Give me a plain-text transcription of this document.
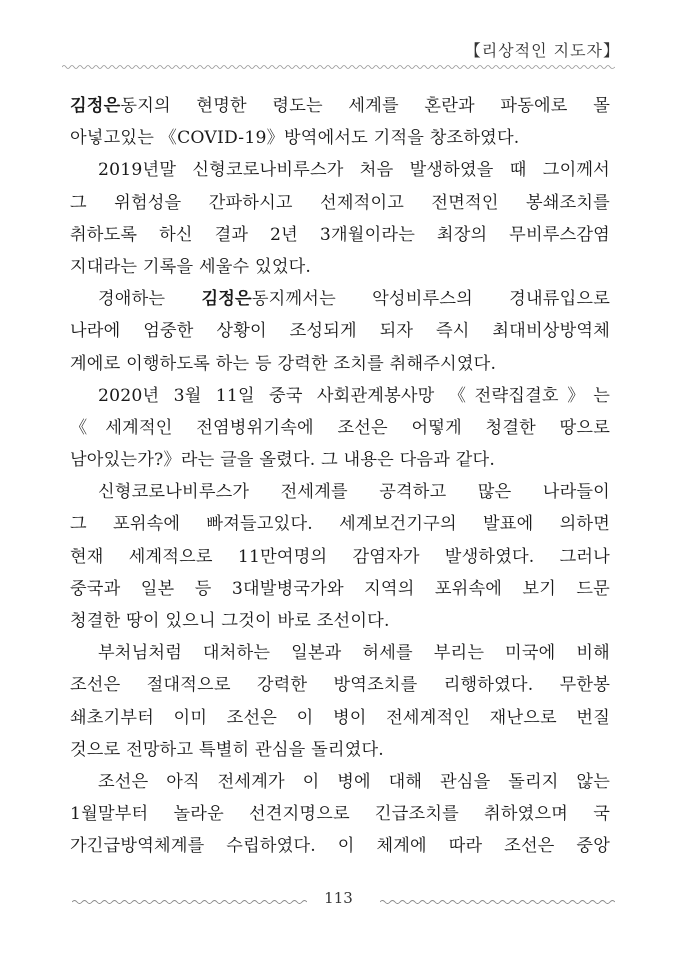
【리상적인 지도자】
김정은동지의 현명한 령도는 세계를 혼란과 파동에로 몰
아넣고있는 《COVID-19》방역에서도 기적을 창조하였다.
2019년말 신형코로나비루스가 처음 발생하였을 때 그이께서
그 위험성을 간파하시고 선제적이고 전면적인 봉쇄조치를
취하도록 하신 결과 2년 3개월이라는 최장의 무비루스감염
지대라는 기록을 세울수 있었다.
경애하는 김정은동지께서는 악성비루스의 경내류입으로
나라에 엄중한 상황이 조성되게 되자 즉시 최대비상방역체
계에로 이행하도록 하는 등 강력한 조치를 취해주시였다.
2020년 3월 11일 중국 사회관계봉사망 《전략집결호》는
《세계적인 전염병위기속에 조선은 어떻게 청결한 땅으로
남아있는가?》라는 글을 올렸다. 그 내용은 다음과 같다.
신형코로나비루스가 전세계를 공격하고 많은 나라들이
그 포위속에 빠져들고있다. 세계보건기구의 발표에 의하면
현재 세계적으로 11만여명의 감염자가 발생하였다. 그러나
중국과 일본 등 3대발병국가와 지역의 포위속에 보기 드문
청결한 땅이 있으니 그것이 바로 조선이다.
부처님처럼 대처하는 일본과 허세를 부리는 미국에 비해
조선은 절대적으로 강력한 방역조치를 리행하였다. 무한봉
쇄초기부터 이미 조선은 이 병이 전세계적인 재난으로 번질
것으로 전망하고 특별히 관심을 돌리였다.
조선은 아직 전세계가 이 병에 대해 관심을 돌리지 않는
1월말부터 놀라운 선견지명으로 긴급조치를 취하였으며 국
가긴급방역체계를 수립하였다. 이 체계에 따라 조선은 중앙
113
